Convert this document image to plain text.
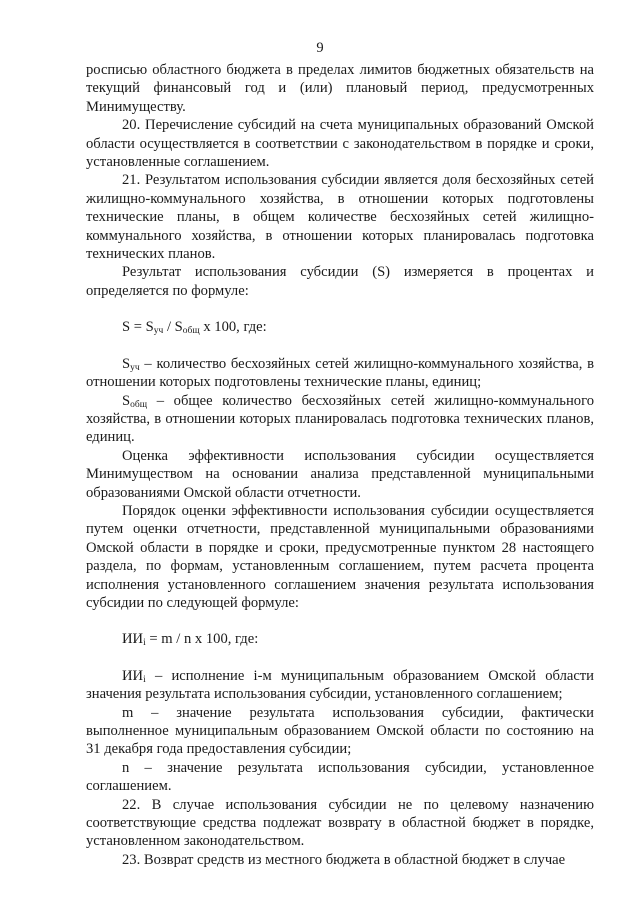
9

росписью областного бюджета в пределах лимитов бюджетных обязательств на текущий финансовый год и (или) плановый период, предусмотренных Минимуществу.

20. Перечисление субсидий на счета муниципальных образований Омской области осуществляется в соответствии с законодательством в порядке и сроки, установленные соглашением.

21. Результатом использования субсидии является доля бесхозяйных сетей жилищно-коммунального хозяйства, в отношении которых подготовлены технические планы, в общем количестве бесхозяйных сетей жилищно-коммунального хозяйства, в отношении которых планировалась подготовка технических планов.

Результат использования субсидии (S) измеряется в процентах и определяется по формуле:

$S = S_{уч} / S_{общ}$ x 100, где:

$S_{уч}$ – количество бесхозяйных сетей жилищно-коммунального хозяйства, в отношении которых подготовлены технические планы, единиц;

$S_{общ}$ – общее количество бесхозяйных сетей жилищно-коммунального хозяйства, в отношении которых планировалась подготовка технических планов, единиц.

Оценка эффективности использования субсидии осуществляется Минимуществом на основании анализа представленной муниципальными образованиями Омской области отчетности.

Порядок оценки эффективности использования субсидии осуществляется путем оценки отчетности, представленной муниципальными образованиями Омской области в порядке и сроки, предусмотренные пунктом 28 настоящего раздела, по формам, установленным соглашением, путем расчета процента исполнения установленного соглашением значения результата использования субсидии по следующей формуле:

$ИИ_i = m / n$ x 100, где:

$ИИ_i$ – исполнение i-м муниципальным образованием Омской области значения результата использования субсидии, установленного соглашением;

m – значение результата использования субсидии, фактически выполненное муниципальным образованием Омской области по состоянию на 31 декабря года предоставления субсидии;

n – значение результата использования субсидии, установленное соглашением.

22. В случае использования субсидии не по целевому назначению соответствующие средства подлежат возврату в областной бюджет в порядке, установленном законодательством.

23. Возврат средств из местного бюджета в областной бюджет в случае
